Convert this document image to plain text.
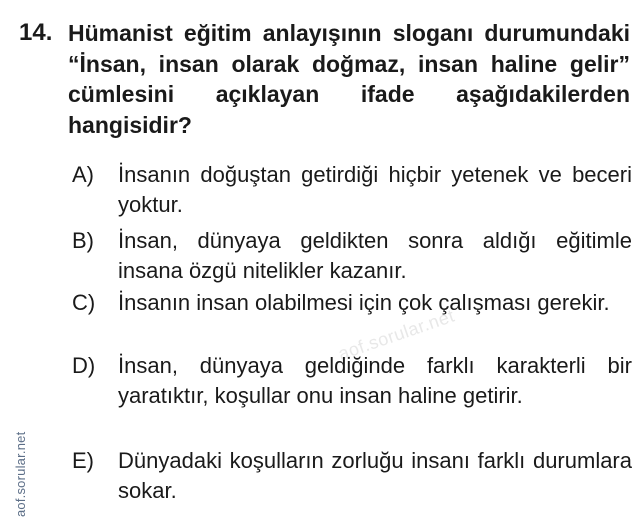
aof.sorular.net
14. Hümanist eğitim anlayışının sloganı durumundaki “İnsan, insan olarak doğmaz, insan haline gelir” cümlesini açıklayan ifade aşağıdakilerden hangisidir?
A) İnsanın doğuştan getirdiği hiçbir yetenek ve beceri yoktur.
B) İnsan, dünyaya geldikten sonra aldığı eğitimle insana özgü nitelikler kazanır.
C) İnsanın insan olabilmesi için çok çalışması gerekir.
D) İnsan, dünyaya geldiğinde farklı karakterli bir yaratıktır, koşullar onu insan haline getirir.
E) Dünyadaki koşulların zorluğu insanı farklı durumlara sokar.
aof.sorular.net
